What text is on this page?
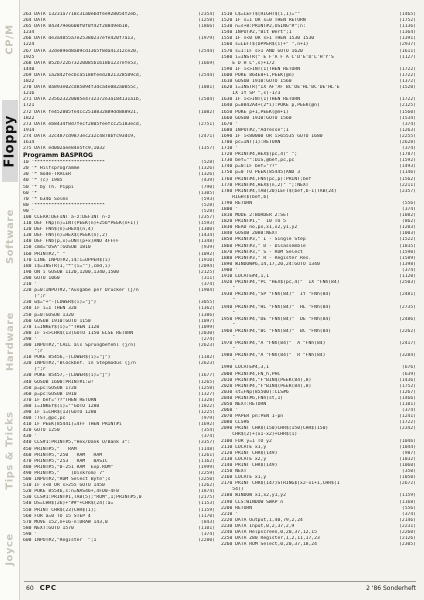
CP/M
Floppy
Software
Hardware
Tips & Tricks
Joyce
263 DATA 13231a7718c31a0ebdfee928054f2eb,	(2354)
264 DATA	(1258)
265 DATA 843479e6600f0f0f42f28849eb18,	(1866)
1234
266 DATA de3a4855a7e25380237efe420f7a13,	(1979)
1224
267 DATA 32de89ed8a89cd1365f8da41312ce20,	(2544)
1925
268 DATA 852b722b73220085b1b18b1237efe53,	(1669)
1440
269 DATA 1a2842fecbca5188feed2821328589cd,	(2544)
1822
270 DATA 8a893e02cd85894f3dca4e882a0855c,	(1001)
1216
271 DATA 235623220085e4732372e3a184131a1b,	(2504)
1721
272 DATA fe452805fe4cc2518832889dd888921,	(1082)
1822
273 DATA eb8434f8d7fecf2805feefcc25183ecd,	(2751)
1914
274 DATA 32c487cd9873ec232c4878bfc93dc9,	(2471)
1614
275 DATA ed002aee84e5fc9,1032	(1357)
Programm BASPROG
10 '*************************	(528)
20 '* Hilfsprogramme	(1326)
30 '* mode-TRACER	(1326)
40 '* (c) 1985	(439)
50 '* by Th. Pippi	(790)
60 '*	(1305)
70 '* 6346 Solms	(593)
80 '*************************	(528)
90 '	(528)
100 CLEAR:DEFINT a-z:DEFINT n-z	(2357)
110 DEF FNp(n)=INT(PEEK(n)+256*PEEK(n+1))	(1593)
120 DEF FNh$(n)=HEX$(n,4)	(1300)
130 DEF FNh(n)=HEX$(PEEK(n),2)	(1434)
140 DEF FNb(p,x)=UNT(p+x)AND 4FFFF	(1348)
150 cmd="DSA":GOSUB 1810	(939)
160 PRINT#2," "	(1092)
170 LINE INPUT#2,i$:i=UPPER$(i)	(1910)
180 i$=INSTR(1,"*"(i=""),cmd,i)	(2094)
190 ON i GOSUB 1120,1200,1340,1500	(2125)
200 GOTO 1060	(311)
210 '	(374)
220 p=0:INPUT#2,"Ausgabe per Drucker (j/n	(1904)
)";r
230 w$="+"-(LOWER$(i)="j")	(3055)
240 IF i=1 THEN 320	(1362)
250 p=0:GOSUB 1320	(1386)
260 GOSUB 1910:GOTO 1150	(1097)
270 i=INKEY$(i)=""THEN 1120	(1099)
280 IF i<>CHR$(13)GOTO 1150 ELSE RETURN	(2030)
290 '	(274)
300 INPUT#2,"CALL als Sprungbefehl (j/n)	(2623)
";r
310 POKE 85456,-(LOWER$(i)="j")	(1182)
320 INPUT#2,"Blockbef. in Stepmodus (j/n	(2623)
)";r
330 POKE 85457,-(LOWER$(i)="j")	(1677)
340 GOSUB 1600:PRINT#1:w!	(1265)
350 p=pc:GOSUB 1720	(1258)
360 p=pc:GOSUB 1910	(1327)
370 IF bef="??"THEN RETURN	(1328)
380 i=INKEY$(i)=""GOTO 1280	(1822)
390 IF i=CHR$(13)GOTO 1280	(1225)
400 :TST,@pc,pc	(979)
410 IF PEEK(85441)=4FF THEN PRINT#i	(1692)
420 GOTO 1250	(354)
430 '	(374)
440 CLS#1:PRINT#5,"Hex/Dank U/Bank 3":	(3357)
450 PRINT#5,"   RAM	(1148)
460 PRINT#5,"250   RAM   RAM	(1261)
470 PRINT#5,"253   RAM   BASIC	(1162)
480 PRINT#5,"0-251 RAM  Exp.ROM"	(1999)
490 PRINT#5,"    (Diskrom) 7"	(2259)
500 INPUT#2,"ROM Select Byte";s	(2250)
510 IF s<0 OR s>255 GOTO 1450	(1262)
520 POKE 85546,s:n=NAS46+,4FD0-4F8	(1874)
530 CLS#1:PRINT#1,TAB(5);"ROM",1;PRINT#5,0	(2175)
540 DS=CHR$(26)+"##"+CHR$(24):a=	(1153)
550 PRINT CHR$(23)CHR$(1);	(1159)
560 FOR a=0 TO 15 STEP 4	(1170)
570 MOVE 152,n+16-n:DRAW 143,0	(843)
580 NEXT:GOTO 1570	(1101)
590 '	(374)
600 INPUT#2,"Register  ";1	(2280)
1510 L$=LEFT$(RIGHT$(i,1)=""	(1465)
1520 IF s=1 OR s=0 THEN RETURN	(1752)
1530 n=s+8:PRINT#2,USING"#";n:	(1136)
1540 INPUT#2,"Bit Wert";1	(1364)
1550 IF s<0 OR s>1 THEN 1530 1530	(1391)
1560 s=LEFT$(UPPER$(i)+" ",n+1)	(2937)
1570 s=1:IF s>1 AND GOTO 1620	(1611)
1580 i=INSTR(" E F'A F A C'D'E'D'L'H'Y'S	(1127)
E D H L",s)+1/2
1590 IF i<>INT(1)THEN RETURN	(1722)
1600 POKE 864E8+i,PEEK(@n)	(1722)
1610 GOSUB 1910:GOTO 1560	(1372)
1620 i=INSTR("IX AF'AF BC'DE'HL'BC'DE'HL'E	(1520)
IX IY SP ",s)-1/3
1630 IF i<>INT(1)THEN RETURN	(1722)
1640 p=8842A4+(2*i):POKE p,PEEK(@n)	(2125)
1650 POKE p+1,PEEK(@n+1)	(1560)
1660 GOSUB 1910:GOTO 1560	(1534)
1670 '	(374)
1680 INPUT#2,"Adresse";1	(1263)
1690 IF i<80000 OR i>65535 GOTO 1680	(2255)
1700 pc=INT(1):RETURN	(2628)
1710 '	(374)
1720 PRINT#4,HEX$(pc,4)" ";	(1787)
1730 bef="":DIS,@bef,pc,pc	(1592)
1740 p=0:IF bef="??"	(1493)
1750 p=0 TO PEEK(85445)AND 3	(1146)
1760 PRINT#4,FNh(pc,p):PRINT;bef	(1562)
1770 PRINT#4,HEX$(n,2)" ";:NEXT	(2211)
1780 PRINT#4,TAB(20)LEFT$(bef,b-1)TAB(24)	(2357)
RIGHT$(bef,b)
1790 RETURN	(556)
1800 '	(374)
1810 MODE 2:BORDER 2:SET	(1082)
1820 PRINT#1,"  10 TO 5	(862)
1830 READ no,px,x1,x2,y1,y2	(1203)
1840 GOSUB 2080:NEXT	(1003)
1850 PRINT#3," I - Single Step	(1522)
1860 PRINT#3," D - Disassemble	(1835)
1870 PRINT#3," S - ROM Select	(1590)
1880 PRINT#3," R - Register Res.	(1589)
1890 WINDOW#6,14,17,20,24:GOTO 1340	(1398)
1900 '	(374)
1910 LOCATE#4,1,1	(1120)
1920 PRINT#4,"PC "HEX$(pc,4)"  IX "FNh(84)	(2503)
"
1930 PRINT#4,"SP "FNh(84)"  IY "FNh(84)	(2481)
"
1940 PRINT#4,"HL "FNh(84)"  HL "FNh(84)	(2735)
"
1950 PRINT#4,"DE "FNh(84)"  DE "FNh(84)	(2486)
"
1960 PRINT#4,"BC "FNh(84)"  BC "FNh(84)	(2262)
"
1970 PRINT#4,"A "FNh(84)"  A "FNh(84)	(2417)
"
1980 PRINT#4,"A "FNh(84)"  R "FNh(84)	(3284)
"
1990 LOCATE#4,3,1	(676)
2000 PRINT#4,FN_h,PHC	(639)
2010 PRINT#4,"F"BIN$(PEEK(84),8)	(1436)
2020 PRINT#4,"F"BIN$(PEEK(84),8)	(1752)
2030 st=FNp(85500):CLS#6	(1267)
2040 PRINT#6,FNh(st,1)	(1466)
2050 NEXT:RETURN	(1101)
2060 '	(374)
2070 PAPER pn:PEN 1-pn	(1241)
2080 CLS#6	(1722)
2090 PRINT CHR$(150)CHR$(150)CHR$(150)	(2342)
CHR$(2)+(x1-x2)+CHR$(1)
2100 FOR y=1 TO y2	(1046)
2110 LOCATE x1,y	(1044)
2120 PRINT CHR$(149)	(987)
2130 LOCATE x2,y	(1032)
2140 PRINT CHR$(149)	(1060)
2150 NEXT	(350)
2160 LOCATE x1,y	(1050)
2170 PRINT CHR$(147)STRING$(x2-x1+1,CHR$(1	(2672)
54))
2180 WINDOW x1,x2,y1,y2	(1159)
2190 CLS:WINDOW SWAP n	(1168)
2200 RETURN	(556)
2210 '	(374)
2220 DATA Output,1,40,79,2,24	(2146)
2230 DATA Input,0,2,37,2,9	(2231)
2240 DATA Helpscreen,0,20,37,12,15	(2260)
2250 DATA Z80 Register,1,2,11,17,23	(2126)
2260 DATA ROM Select,0,20,37,18,24	(2305)
60 CPC	2 '86 Sonderheft
